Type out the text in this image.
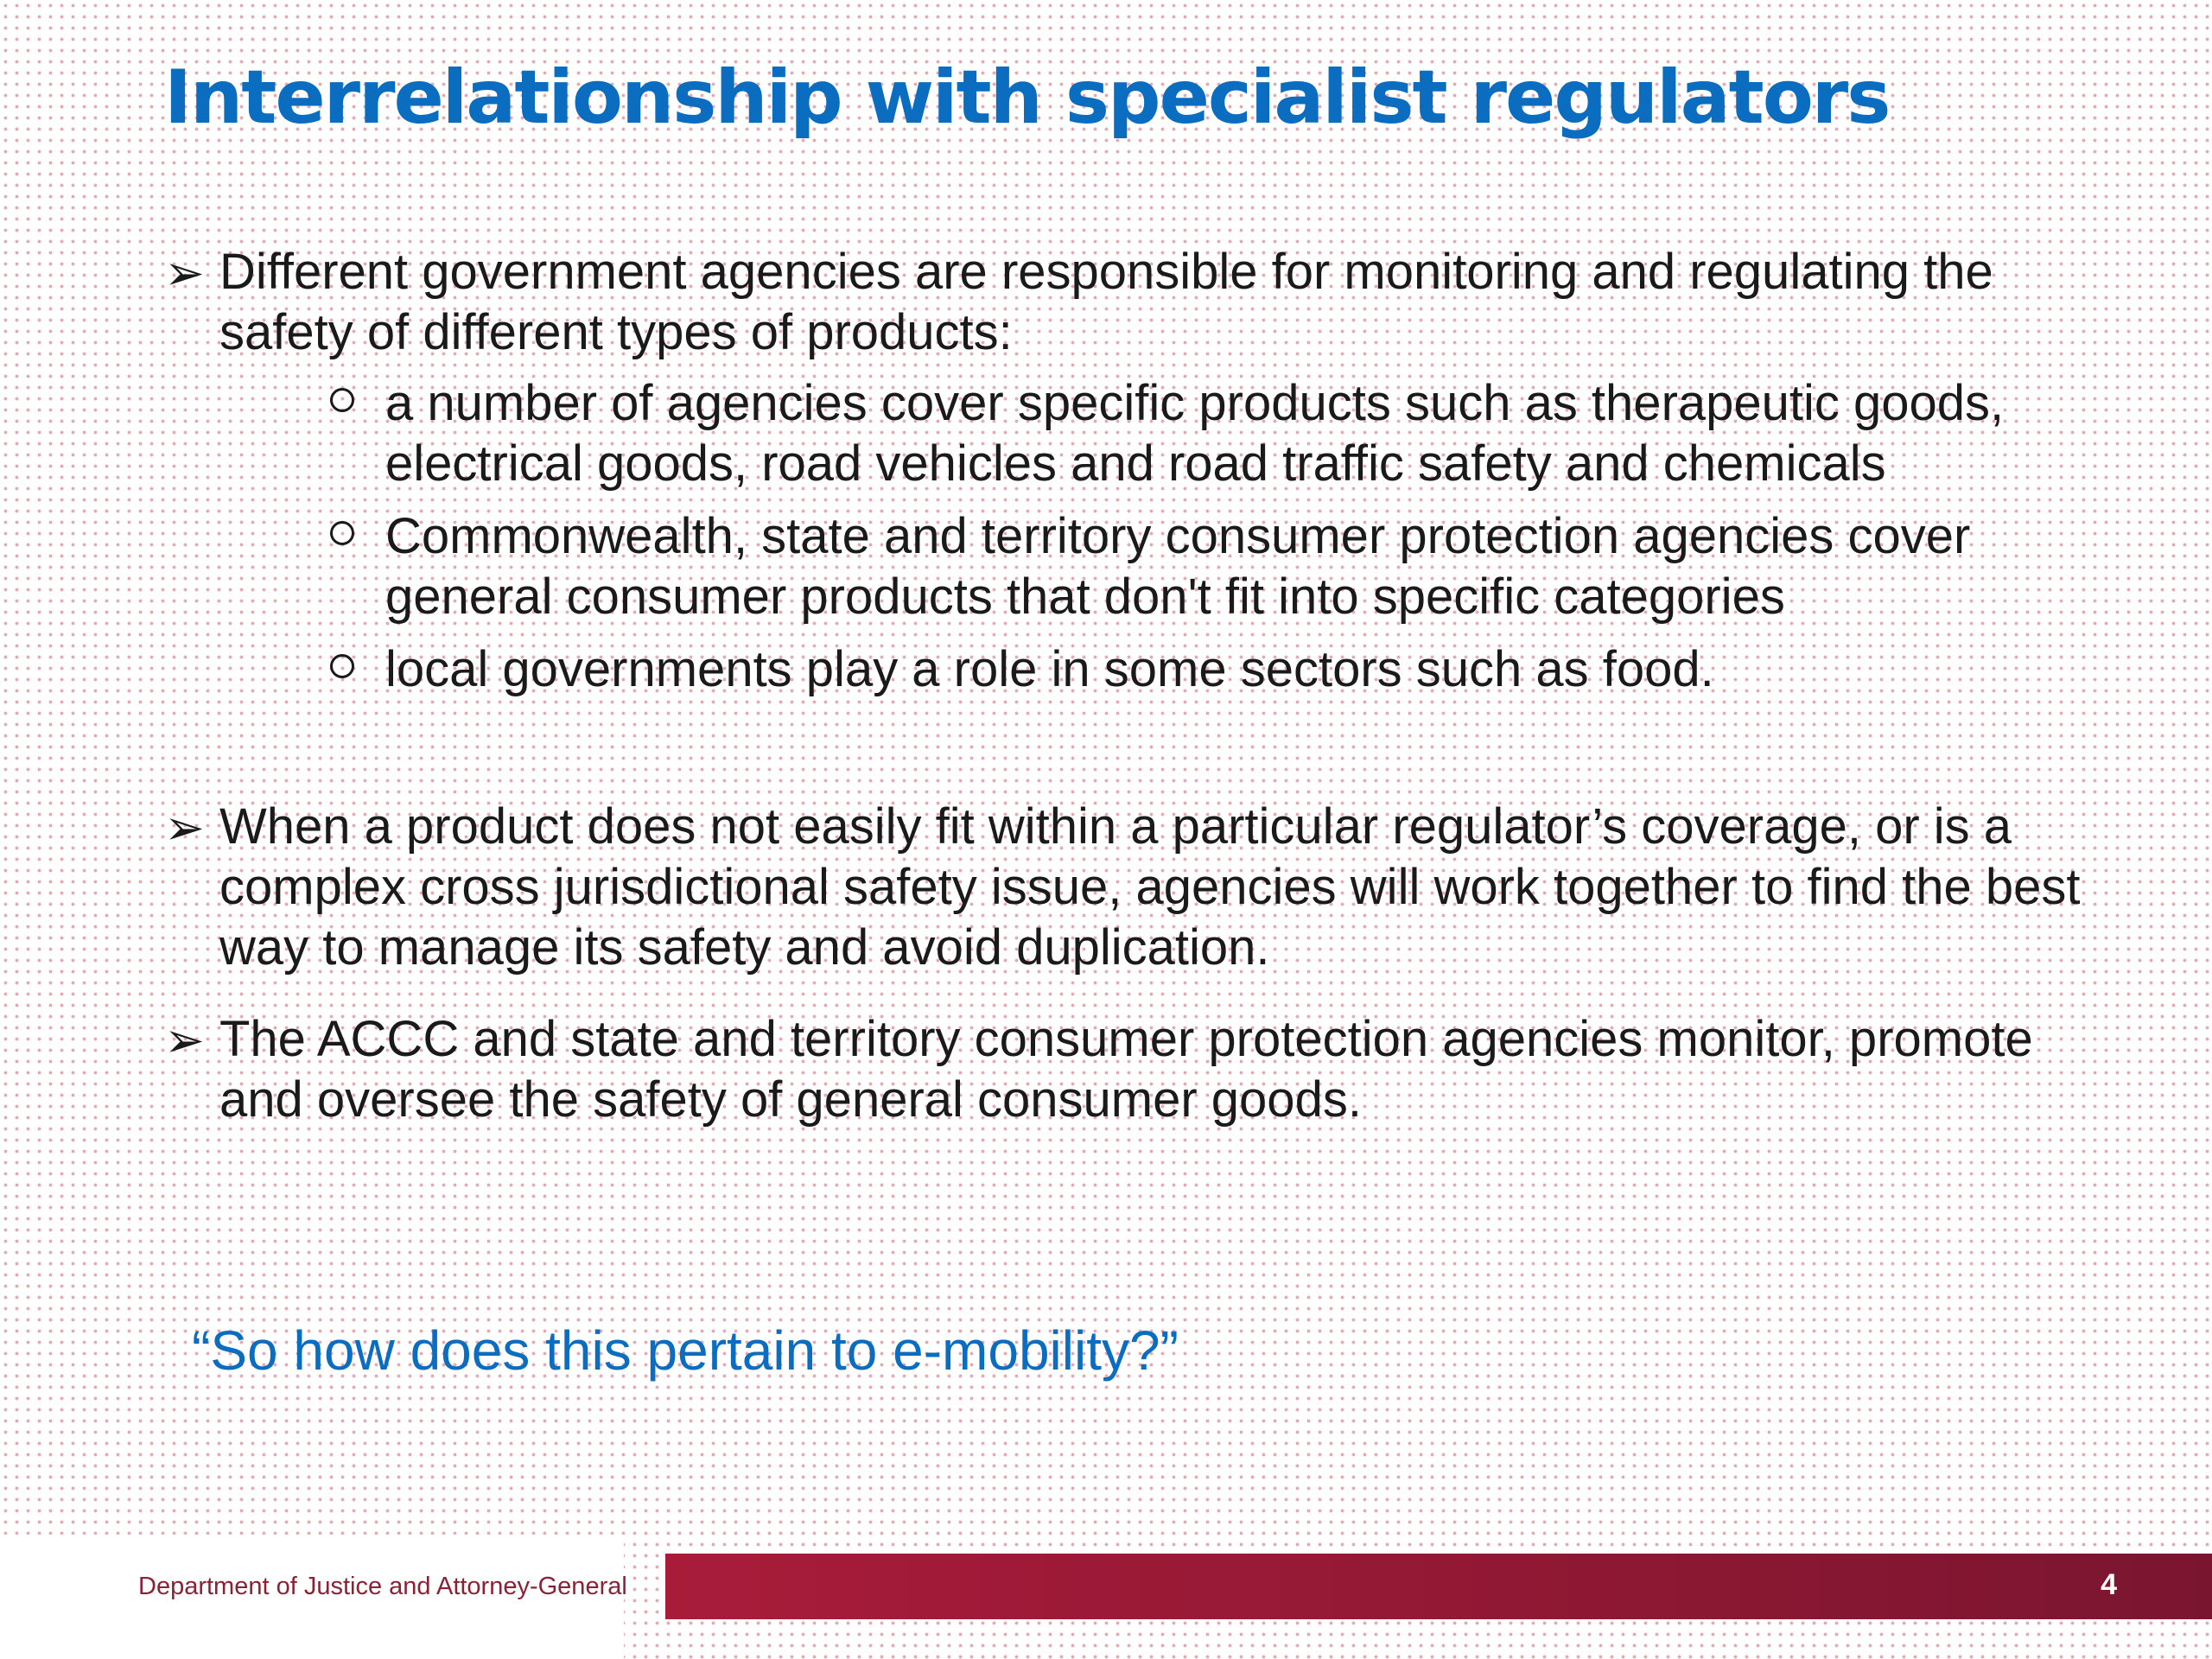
Interrelationship with specialist regulators
➢ Different government agencies are responsible for monitoring and regulating the safety of different types of products:
a number of agencies cover specific products such as therapeutic goods, electrical goods, road vehicles and road traffic safety and chemicals
Commonwealth, state and territory consumer protection agencies cover general consumer products that don't fit into specific categories
local governments play a role in some sectors such as food.
➢ When a product does not easily fit within a particular regulator’s coverage, or is a complex cross jurisdictional safety issue, agencies will work together to find the best way to manage its safety and avoid duplication.
➢ The ACCC and state and territory consumer protection agencies monitor, promote and oversee the safety of general consumer goods.

“So how does this pertain to e-mobility?”

Department of Justice and Attorney-General	4
